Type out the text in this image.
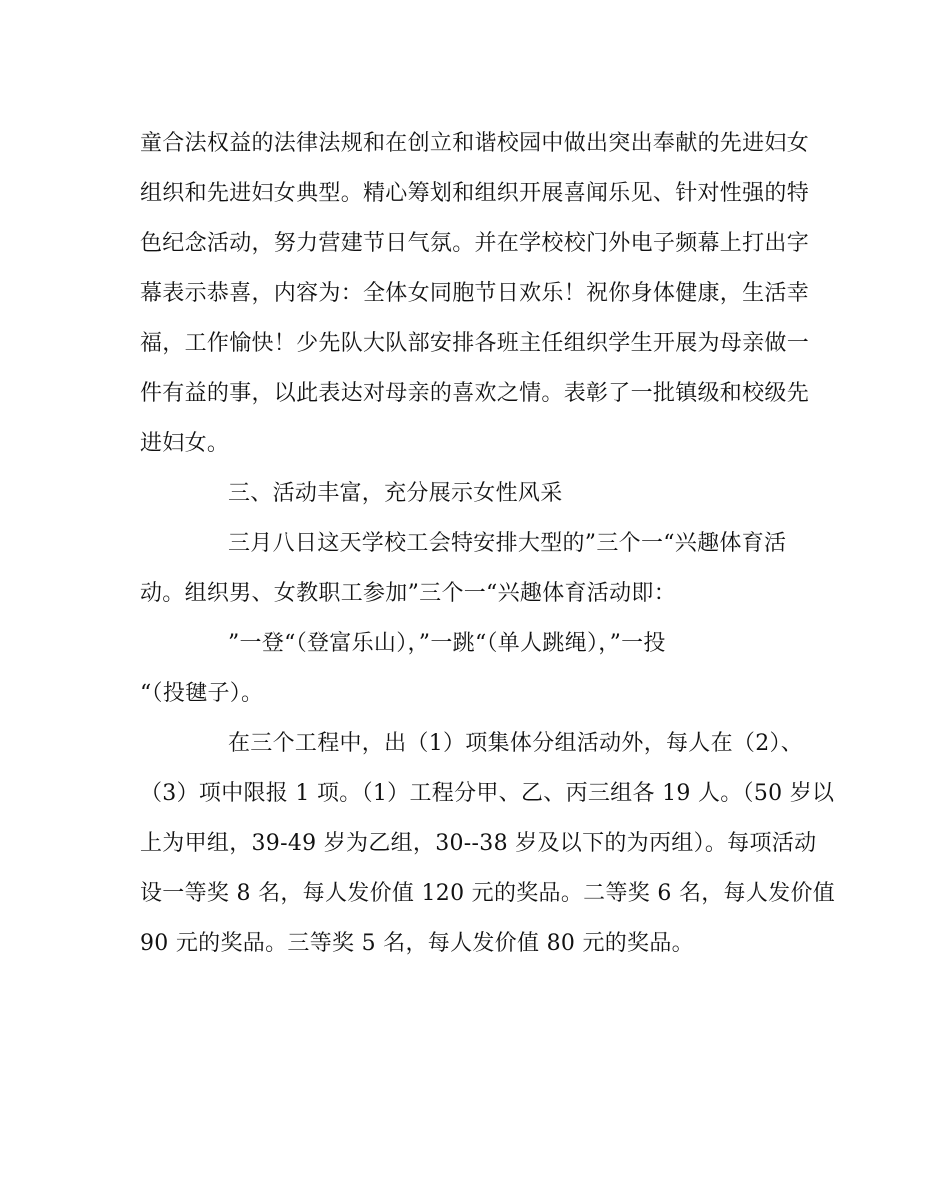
童合法权益的法律法规和在创立和谐校园中做出突出奉献的先进妇女
组织和先进妇女典型。精心筹划和组织开展喜闻乐见、针对性强的特
色纪念活动，努力营建节日气氛。并在学校校门外电子频幕上打出字
幕表示恭喜，内容为：全体女同胞节日欢乐！祝你身体健康，生活幸
福，工作愉快！少先队大队部安排各班主任组织学生开展为母亲做一
件有益的事，以此表达对母亲的喜欢之情。表彰了一批镇级和校级先
进妇女。
三、活动丰富，充分展示女性风采
三月八日这天学校工会特安排大型的”三个一“兴趣体育活
动。组织男、女教职工参加”三个一“兴趣体育活动即：
”一登“（登富乐山），”一跳“（单人跳绳），”一投
“（投毽子）。
在三个工程中，出（1）项集体分组活动外，每人在（2）、
（3）项中限报 1 项。（1）工程分甲、乙、丙三组各 19 人。（50 岁以
上为甲组，39-49 岁为乙组，30--38 岁及以下的为丙组）。每项活动
设一等奖 8 名，每人发价值 120 元的奖品。二等奖 6 名，每人发价值
90 元的奖品。三等奖 5 名，每人发价值 80 元的奖品。
